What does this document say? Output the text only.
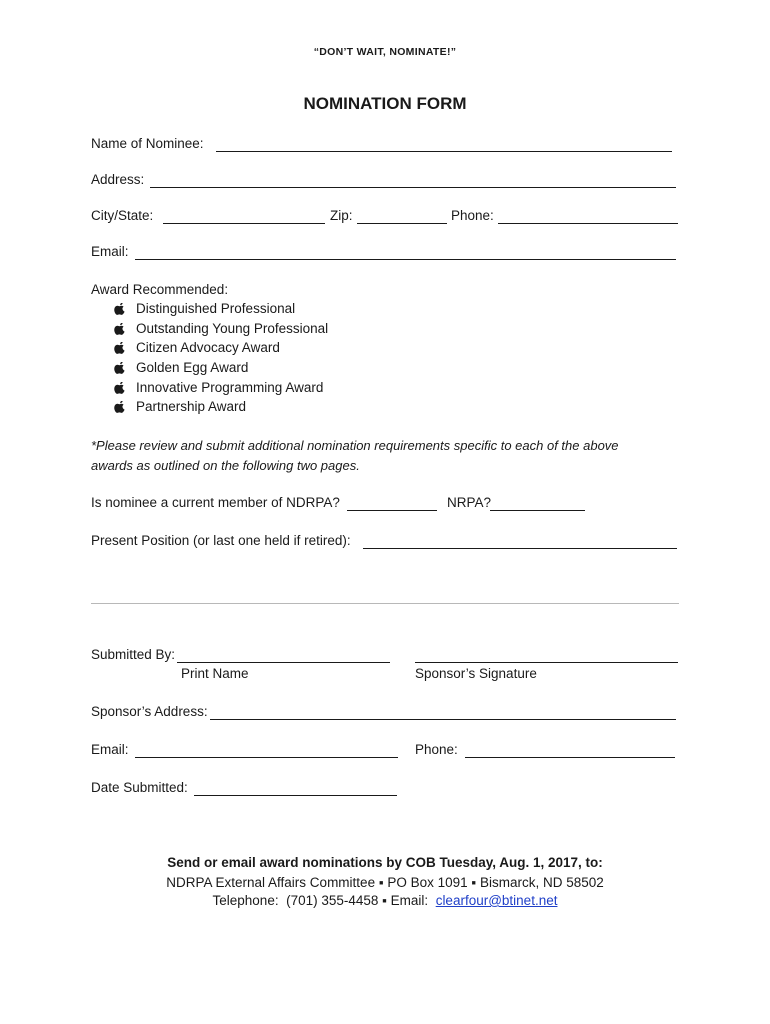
“DON’T WAIT, NOMINATE!”
NOMINATION FORM
Name of Nominee:
Address:
City/State:	Zip:	Phone:
Email:
Award Recommended:
Distinguished Professional
Outstanding Young Professional
Citizen Advocacy Award
Golden Egg Award
Innovative Programming Award
Partnership Award
*Please review and submit additional nomination requirements specific to each of the above
awards as outlined on the following two pages.
Is nominee a current member of NDRPA?	NRPA?
Present Position (or last one held if retired):
Submitted By:
Print Name	Sponsor’s Signature
Sponsor’s Address:
Email:	Phone:
Date Submitted:
Send or email award nominations by COB Tuesday, Aug. 1, 2017, to:
NDRPA External Affairs Committee ▪ PO Box 1091 ▪ Bismarck, ND 58502
Telephone:  (701) 355-4458 ▪ Email:  clearfour@btinet.net
